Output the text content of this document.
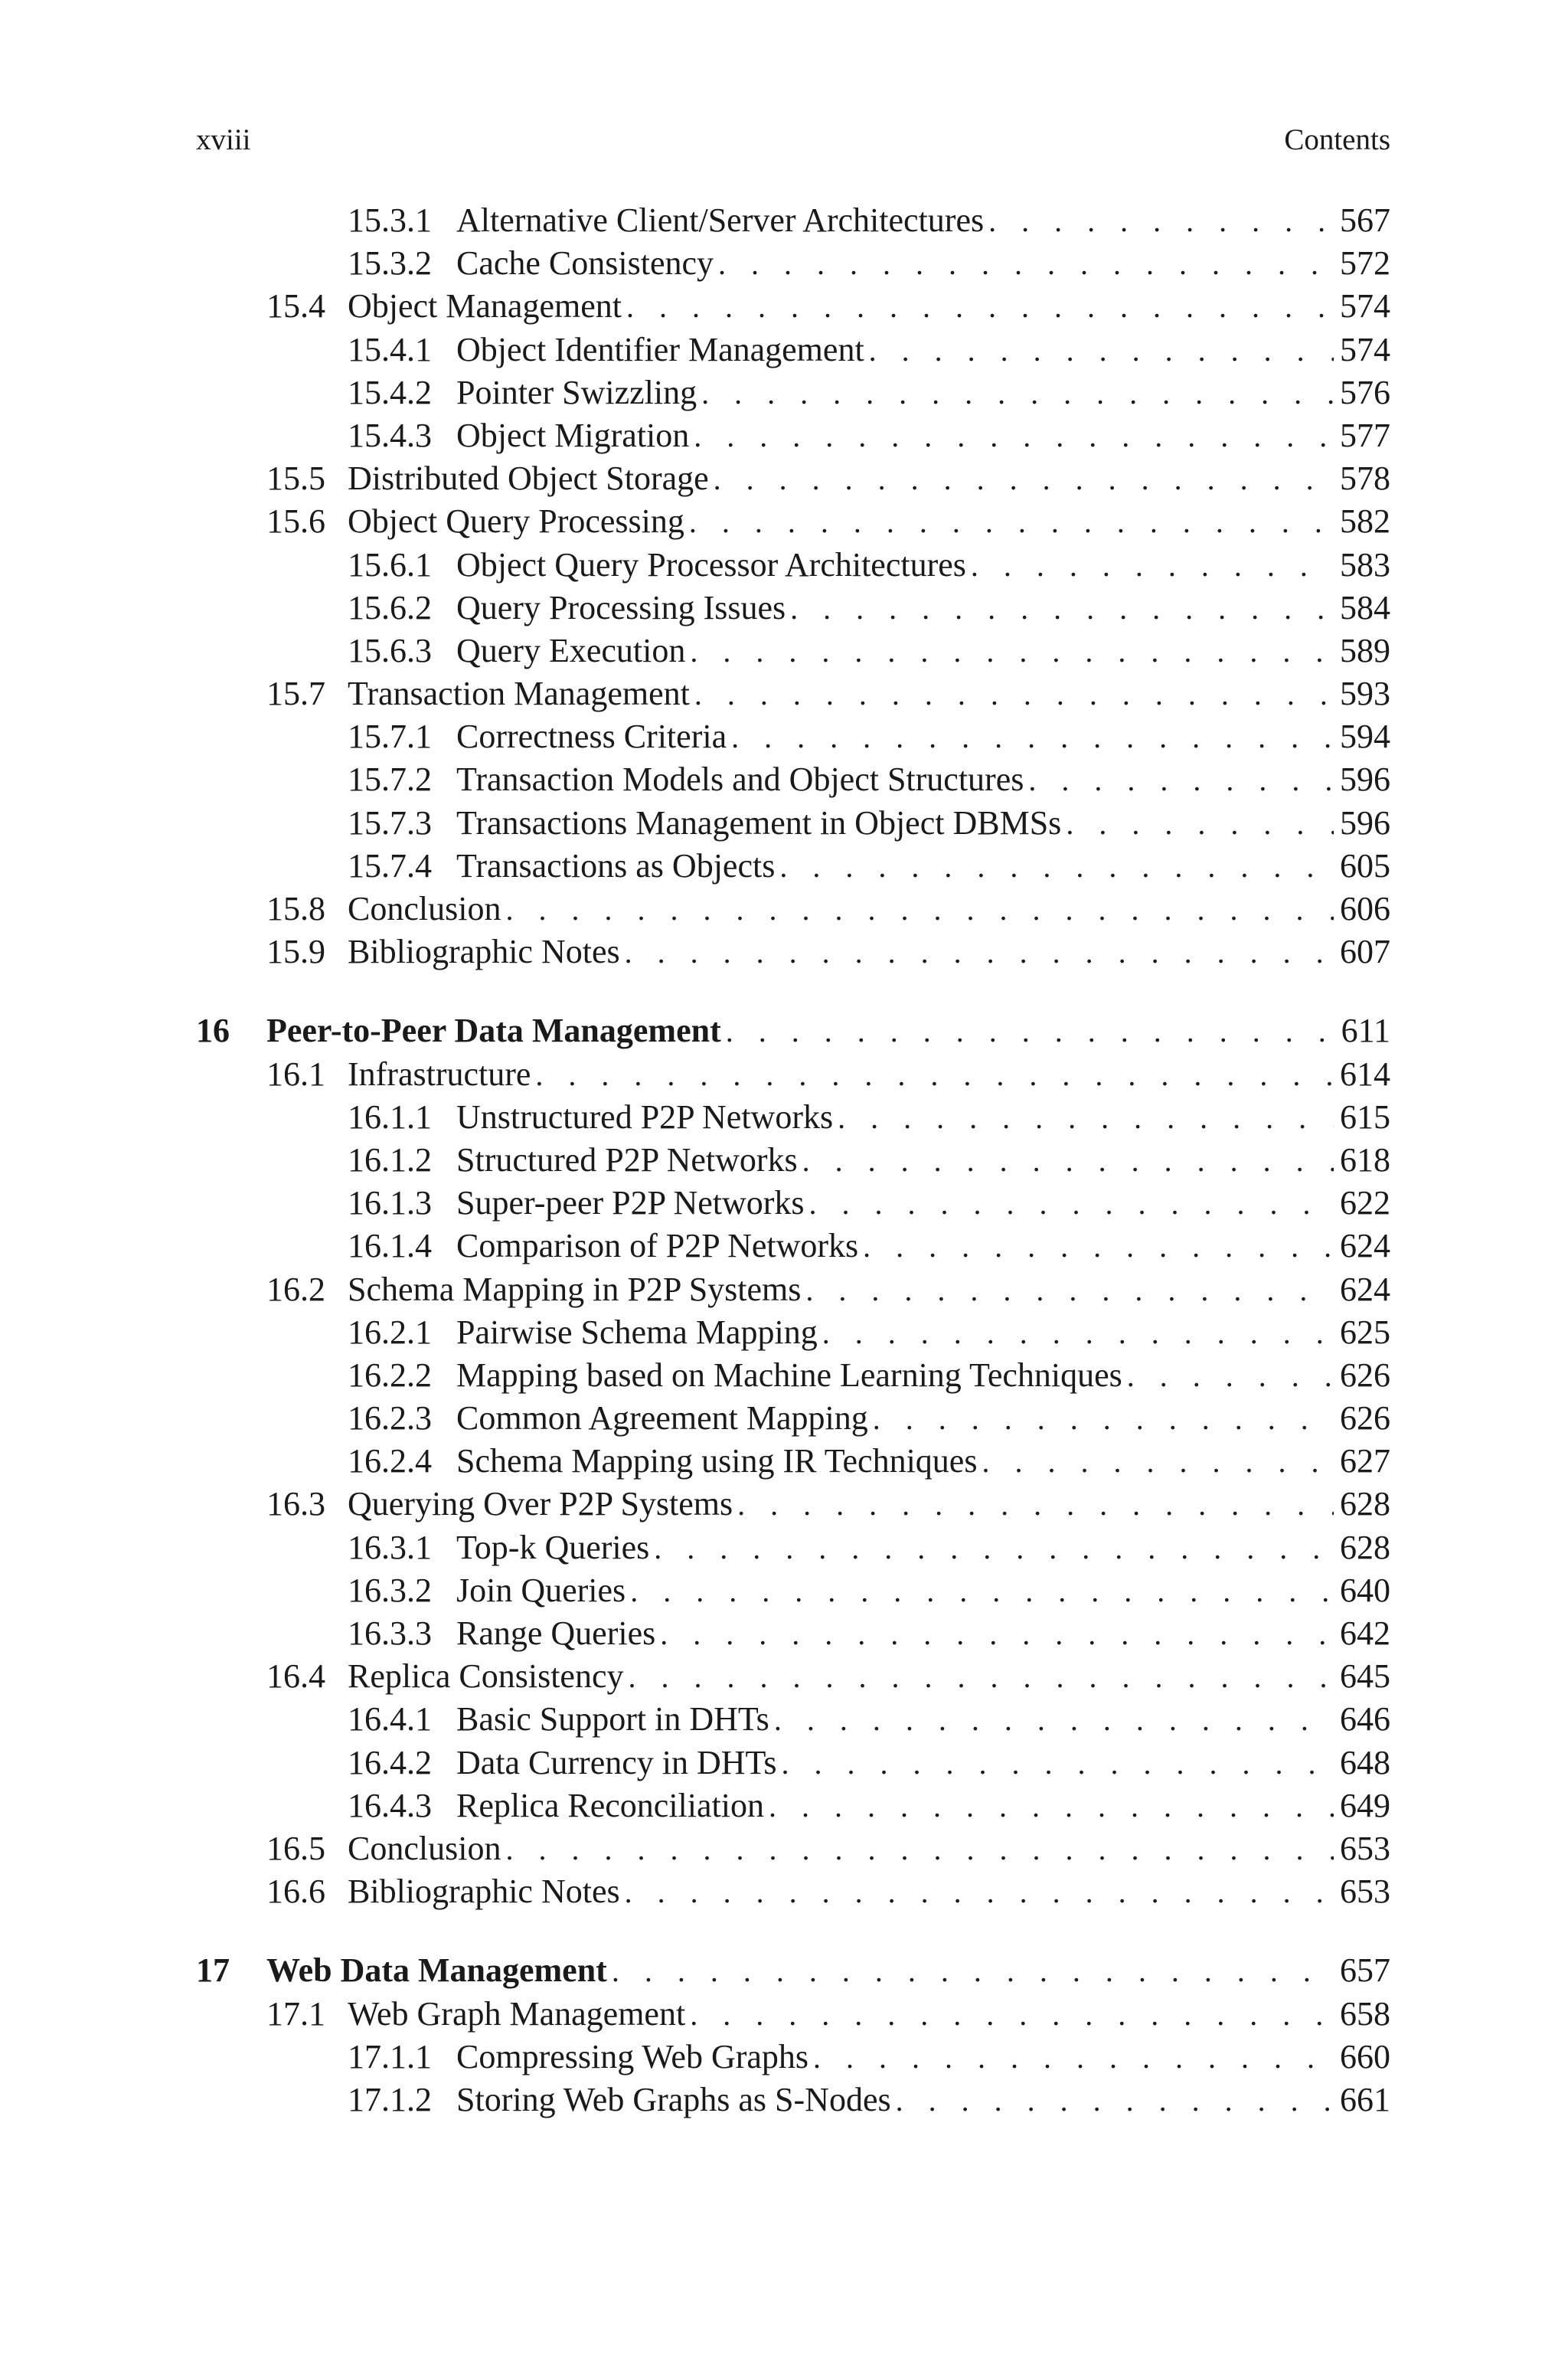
xviii	Contents
15.3.1 Alternative Client/Server Architectures . . .	567
15.3.2 Cache Consistency . . .	572
15.4 Object Management . . .	574
15.4.1 Object Identifier Management . . .	574
15.4.2 Pointer Swizzling . . .	576
15.4.3 Object Migration . . .	577
15.5 Distributed Object Storage . . .	578
15.6 Object Query Processing . . .	582
15.6.1 Object Query Processor Architectures . . .	583
15.6.2 Query Processing Issues . . .	584
15.6.3 Query Execution . . .	589
15.7 Transaction Management . . .	593
15.7.1 Correctness Criteria . . .	594
15.7.2 Transaction Models and Object Structures . . .	596
15.7.3 Transactions Management in Object DBMSs . . .	596
15.7.4 Transactions as Objects . . .	605
15.8 Conclusion . . .	606
15.9 Bibliographic Notes . . .	607
16 Peer-to-Peer Data Management . . .	611
16.1 Infrastructure . . .	614
16.1.1 Unstructured P2P Networks . . .	615
16.1.2 Structured P2P Networks . . .	618
16.1.3 Super-peer P2P Networks . . .	622
16.1.4 Comparison of P2P Networks . . .	624
16.2 Schema Mapping in P2P Systems . . .	624
16.2.1 Pairwise Schema Mapping . . .	625
16.2.2 Mapping based on Machine Learning Techniques . . .	626
16.2.3 Common Agreement Mapping . . .	626
16.2.4 Schema Mapping using IR Techniques . . .	627
16.3 Querying Over P2P Systems . . .	628
16.3.1 Top-k Queries . . .	628
16.3.2 Join Queries . . .	640
16.3.3 Range Queries . . .	642
16.4 Replica Consistency . . .	645
16.4.1 Basic Support in DHTs . . .	646
16.4.2 Data Currency in DHTs . . .	648
16.4.3 Replica Reconciliation . . .	649
16.5 Conclusion . . .	653
16.6 Bibliographic Notes . . .	653
17 Web Data Management . . .	657
17.1 Web Graph Management . . .	658
17.1.1 Compressing Web Graphs . . .	660
17.1.2 Storing Web Graphs as S-Nodes . . .	661
